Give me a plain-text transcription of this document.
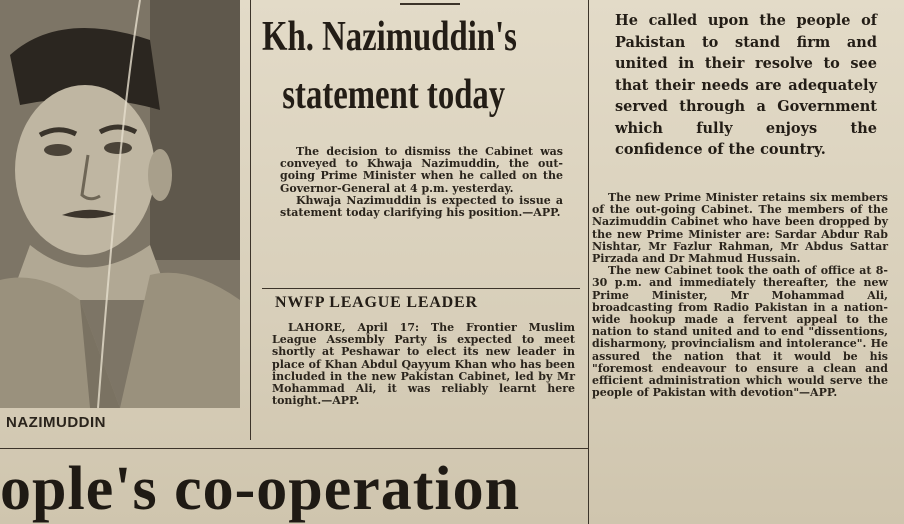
NAZIMUDDIN
Kh. Nazimuddin's
statement today

The decision to dismiss the Cabinet was conveyed to Khwaja Nazimuddin, the out-going Prime Minister when he called on the Governor-General at 4 p.m. yesterday.

Khwaja Nazimuddin is expected to issue a statement today clarifying his position.—APP.

NWFP LEAGUE LEADER

LAHORE, April 17: The Frontier Muslim League Assembly Party is expected to meet shortly at Peshawar to elect its new leader in place of Khan Abdul Qayyum Khan who has been included in the new Pakistan Cabinet, led by Mr Mohammad Ali, it was reliably learnt here tonight.—APP.

He called upon the people of Pakistan to stand firm and united in their resolve to see that their needs are adequately served through a Government which fully enjoys the confidence of the country.

The new Prime Minister retains six members of the out-going Cabinet. The members of the Nazimuddin Cabinet who have been dropped by the new Prime Minister are: Sardar Abdur Rab Nishtar, Mr Fazlur Rahman, Mr Abdus Sattar Pirzada and Dr Mahmud Hussain.

The new Cabinet took the oath of office at 8-30 p.m. and immediately thereafter, the new Prime Minister, Mr Mohammad Ali, broadcasting from Radio Pakistan in a nation-wide hookup made a fervent appeal to the nation to stand united and to end "dissentions, disharmony, provincialism and intolerance". He assured the nation that it would be his "foremost endeavour to ensure a clean and efficient administration which would serve the people of Pakistan with devotion"—APP.

ople's co-operation
